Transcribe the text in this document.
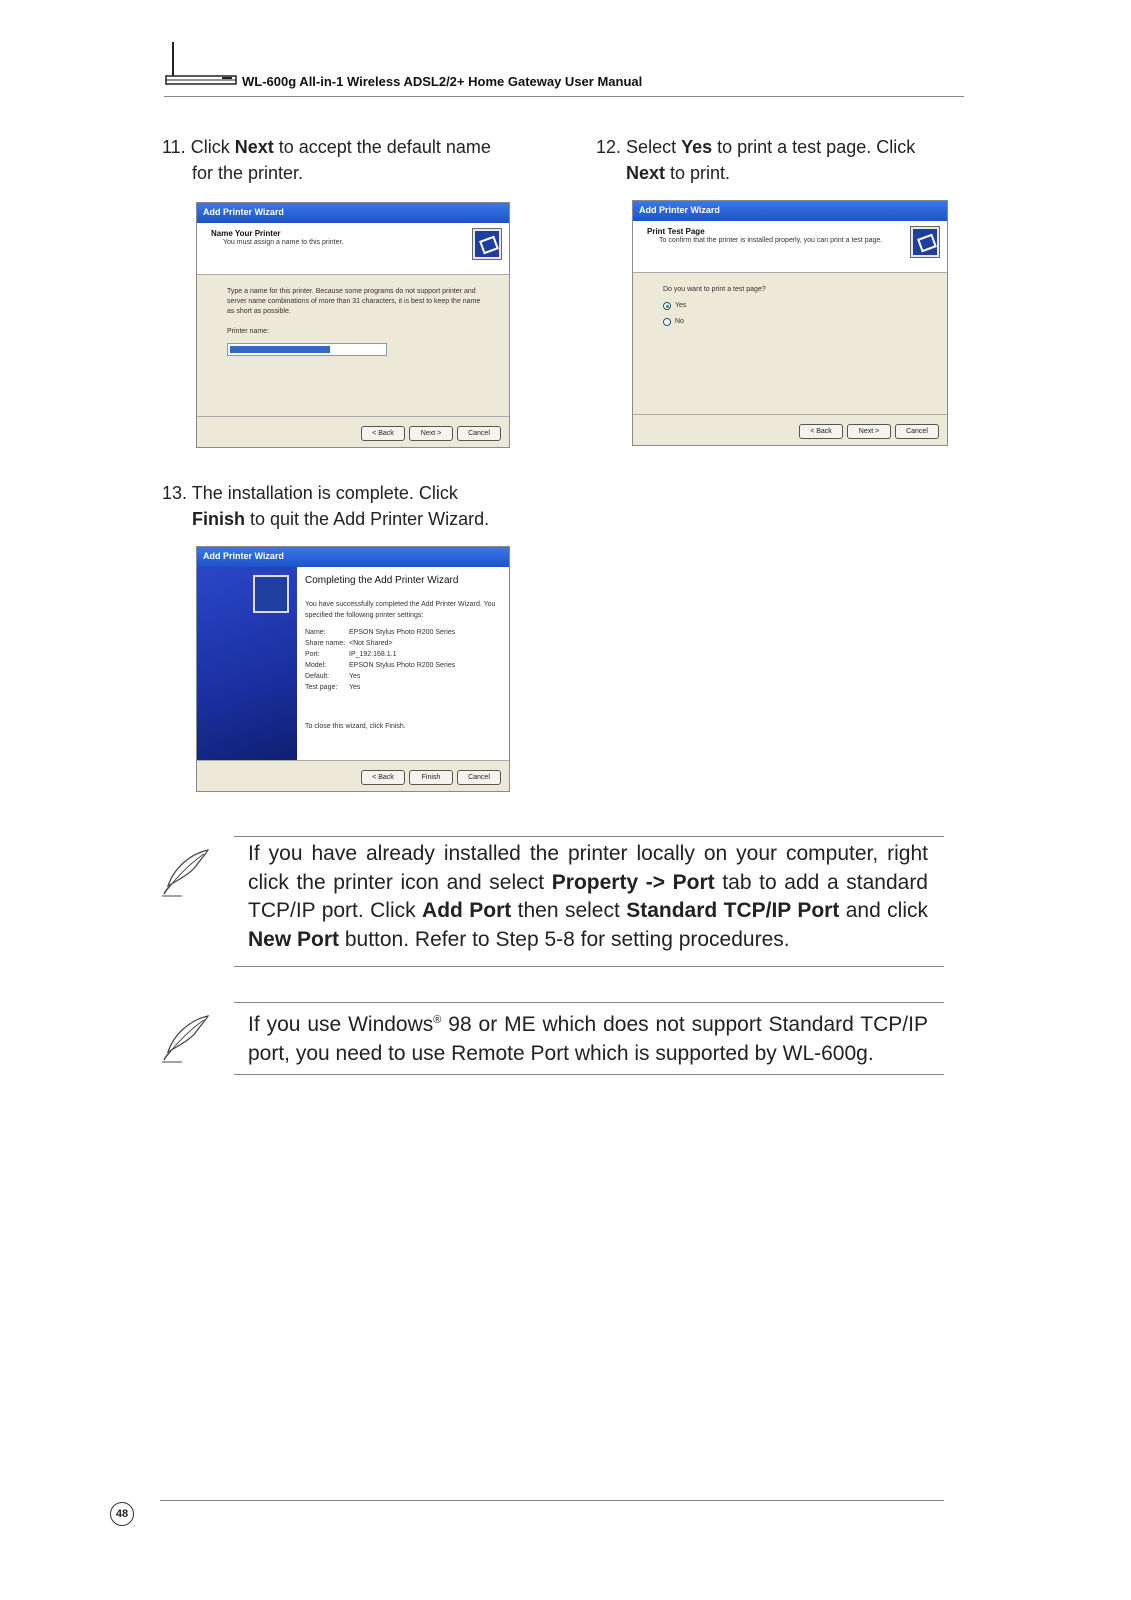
WL-600g All-in-1 Wireless ADSL2/2+ Home Gateway User Manual
11. Click Next to accept the default name
for the printer.
12. Select Yes to print a test page. Click
Next to print.
Add Printer Wizard
Name Your Printer
You must assign a name to this printer.
Type a name for this printer. Because some programs do not support printer and server name combinations of more than 31 characters, it is best to keep the name as short as possible.
Printer name:
< Back	Next >	Cancel
Add Printer Wizard
Print Test Page
To confirm that the printer is installed properly, you can print a test page.
Do you want to print a test page?
Yes
No
< Back	Next >	Cancel
13. The installation is complete. Click
Finish to quit the Add Printer Wizard.
Add Printer Wizard
Completing the Add Printer Wizard
You have successfully completed the Add Printer Wizard. You specified the following printer settings:
Name:	EPSON Stylus Photo R200 Series
Share name: <Not Shared>
Port:	IP_192.168.1.1
Model:	EPSON Stylus Photo R200 Series
Default:	Yes
Test page:	Yes
To close this wizard, click Finish.
< Back	Finish	Cancel
If you have already installed the printer locally on your computer, right click the printer icon and select Property -> Port tab to add a standard TCP/IP port. Click Add Port then select Standard TCP/IP Port and click New Port button. Refer to Step 5-8 for setting procedures.
If you use Windows® 98 or ME which does not support Standard TCP/IP port, you need to use Remote Port which is supported by WL-600g.
48
